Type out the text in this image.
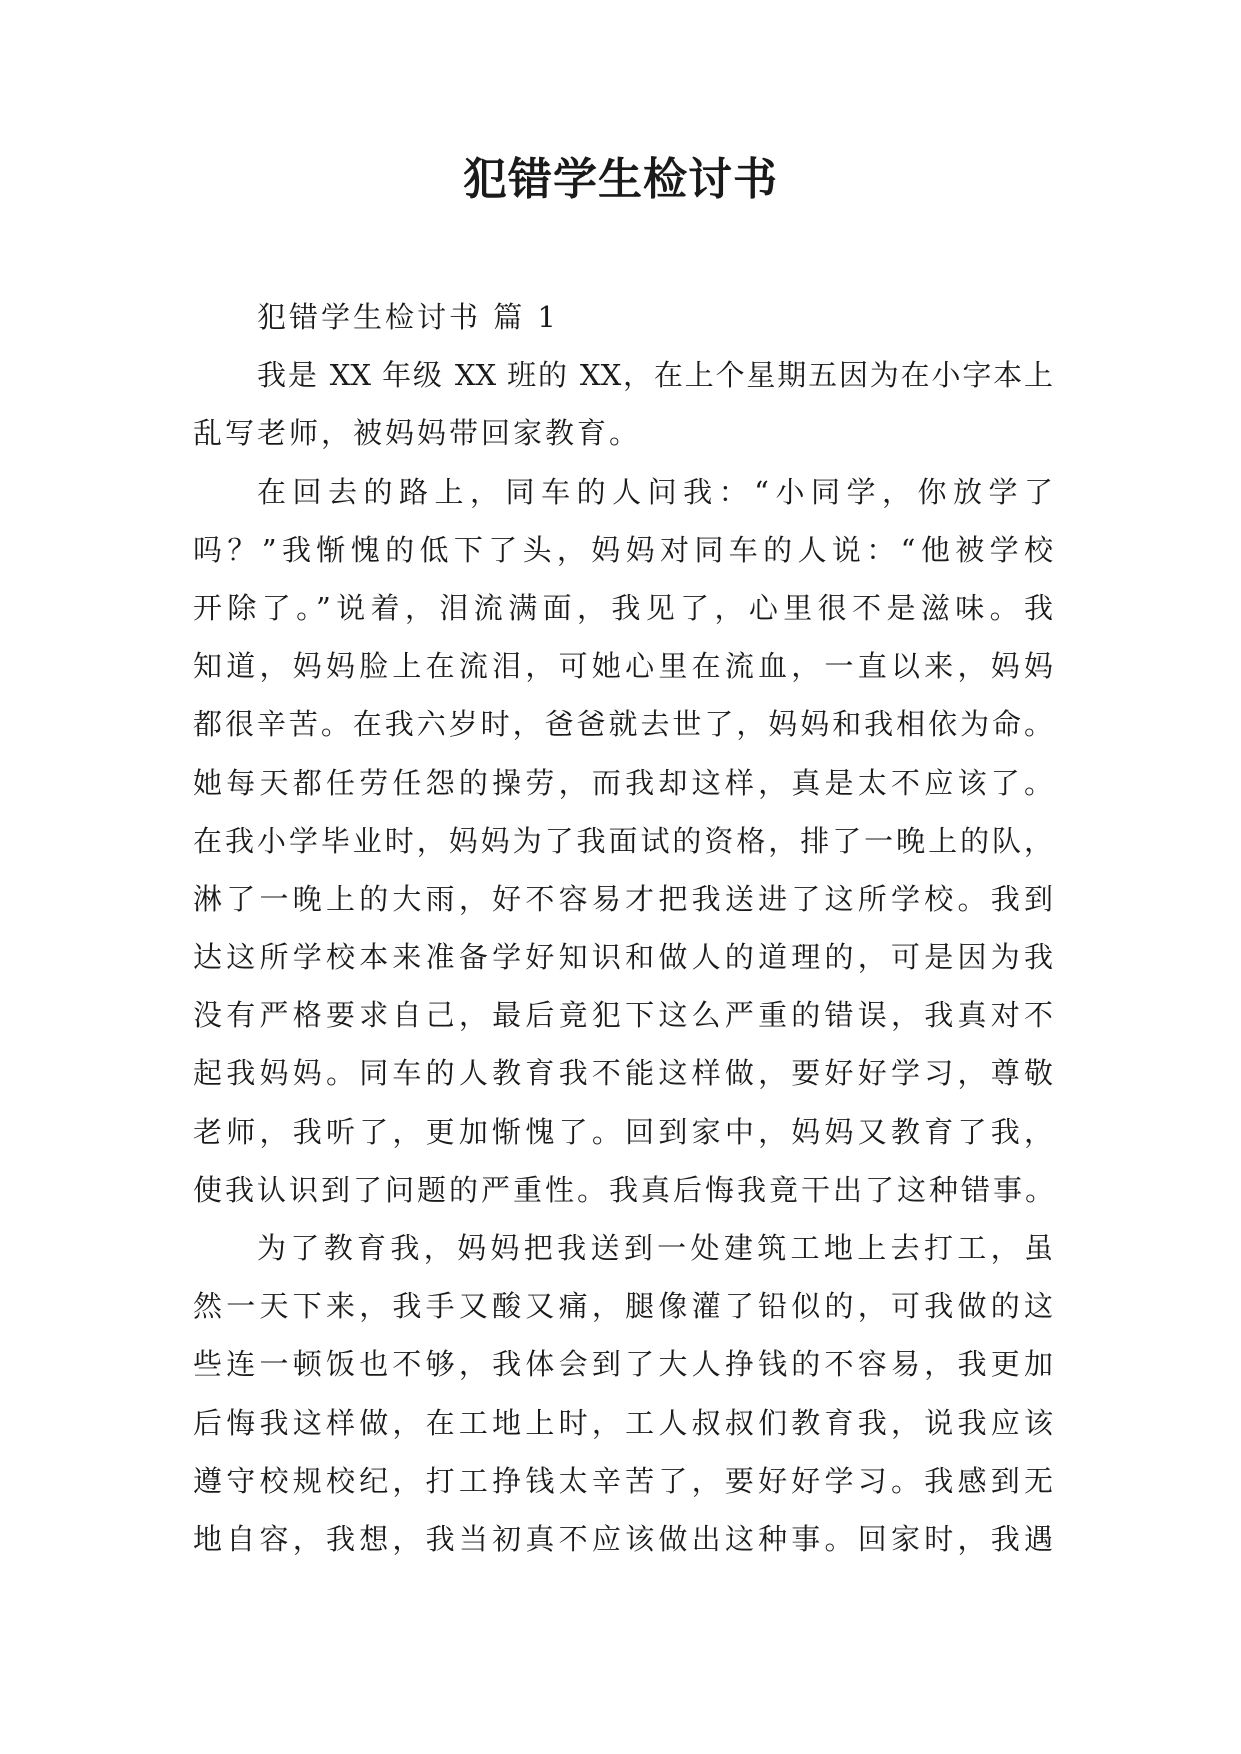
犯错学生检讨书

犯错学生检讨书 篇 1

我是 XX 年级 XX 班的 XX，在上个星期五因为在小字本上

乱写老师，被妈妈带回家教育。

在回去的路上，同车的人问我：“小同学，你放学了

吗？”我惭愧的低下了头，妈妈对同车的人说：“他被学校

开除了。”说着，泪流满面，我见了，心里很不是滋味。我

知道，妈妈脸上在流泪，可她心里在流血，一直以来，妈妈

都很辛苦。在我六岁时，爸爸就去世了，妈妈和我相依为命。

她每天都任劳任怨的操劳，而我却这样，真是太不应该了。

在我小学毕业时，妈妈为了我面试的资格，排了一晚上的队，

淋了一晚上的大雨，好不容易才把我送进了这所学校。我到

达这所学校本来准备学好知识和做人的道理的，可是因为我

没有严格要求自己，最后竟犯下这么严重的错误，我真对不

起我妈妈。同车的人教育我不能这样做，要好好学习，尊敬

老师，我听了，更加惭愧了。回到家中，妈妈又教育了我，

使我认识到了问题的严重性。我真后悔我竟干出了这种错事。

为了教育我，妈妈把我送到一处建筑工地上去打工，虽

然一天下来，我手又酸又痛，腿像灌了铅似的，可我做的这

些连一顿饭也不够，我体会到了大人挣钱的不容易，我更加

后悔我这样做，在工地上时，工人叔叔们教育我，说我应该

遵守校规校纪，打工挣钱太辛苦了，要好好学习。我感到无

地自容，我想，我当初真不应该做出这种事。回家时，我遇
